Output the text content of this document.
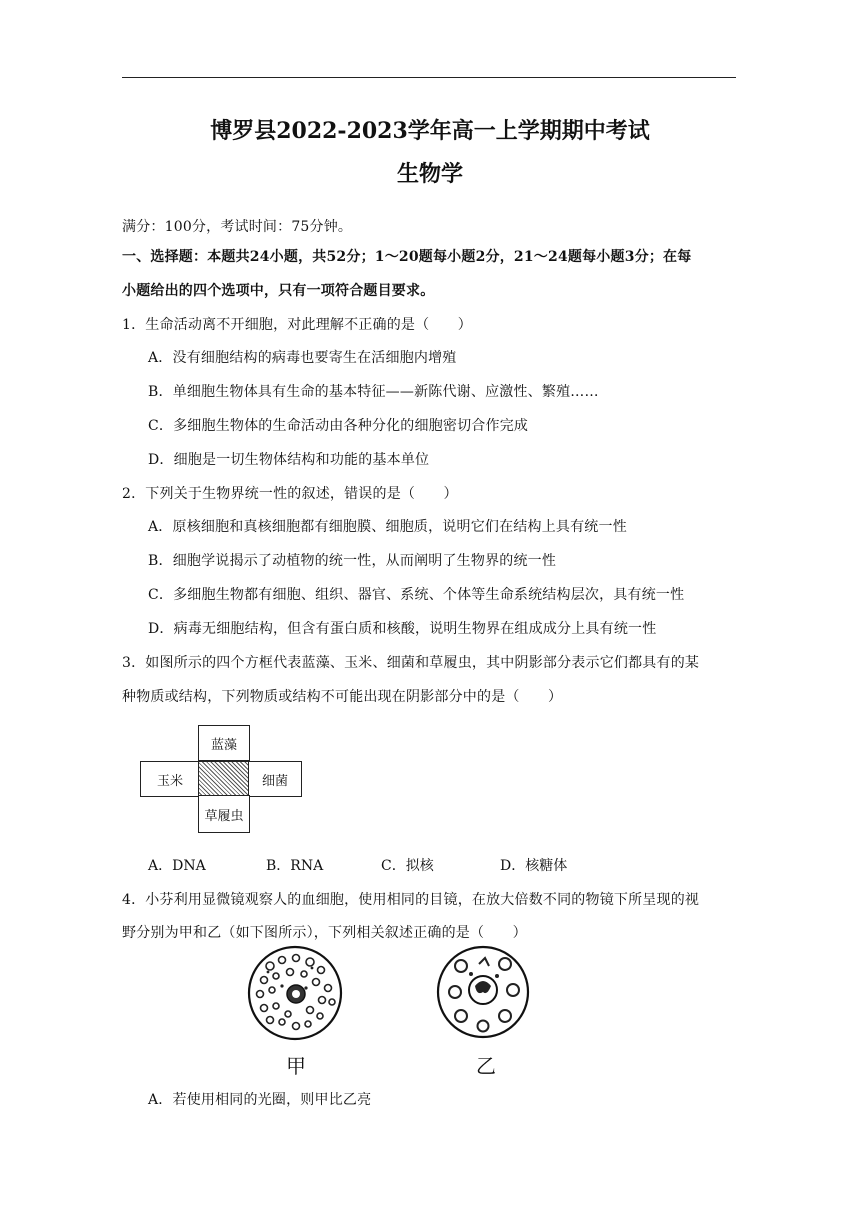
博罗县2022-2023学年高一上学期期中考试
生物学
满分：100分，考试时间：75分钟。
一、选择题：本题共24小题，共52分；1～20题每小题2分，21～24题每小题3分；在每
小题给出的四个选项中，只有一项符合题目要求。
1．生命活动离不开细胞，对此理解不正确的是（　　）
A．没有细胞结构的病毒也要寄生在活细胞内增殖
B．单细胞生物体具有生命的基本特征——新陈代谢、应激性、繁殖……
C．多细胞生物体的生命活动由各种分化的细胞密切合作完成
D．细胞是一切生物体结构和功能的基本单位
2．下列关于生物界统一性的叙述，错误的是（　　）
A．原核细胞和真核细胞都有细胞膜、细胞质，说明它们在结构上具有统一性
B．细胞学说揭示了动植物的统一性，从而阐明了生物界的统一性
C．多细胞生物都有细胞、组织、器官、系统、个体等生命系统结构层次，具有统一性
D．病毒无细胞结构，但含有蛋白质和核酸，说明生物界在组成成分上具有统一性
3．如图所示的四个方框代表蓝藻、玉米、细菌和草履虫，其中阴影部分表示它们都具有的某
种物质或结构，下列物质或结构不可能出现在阴影部分中的是（　　）
蓝藻
玉米	细菌
草履虫
A．DNA	B．RNA	C．拟核	D．核糖体
4．小芬利用显微镜观察人的血细胞，使用相同的目镜，在放大倍数不同的物镜下所呈现的视
野分别为甲和乙（如下图所示），下列相关叙述正确的是（　　）
甲	乙
A．若使用相同的光圈，则甲比乙亮
